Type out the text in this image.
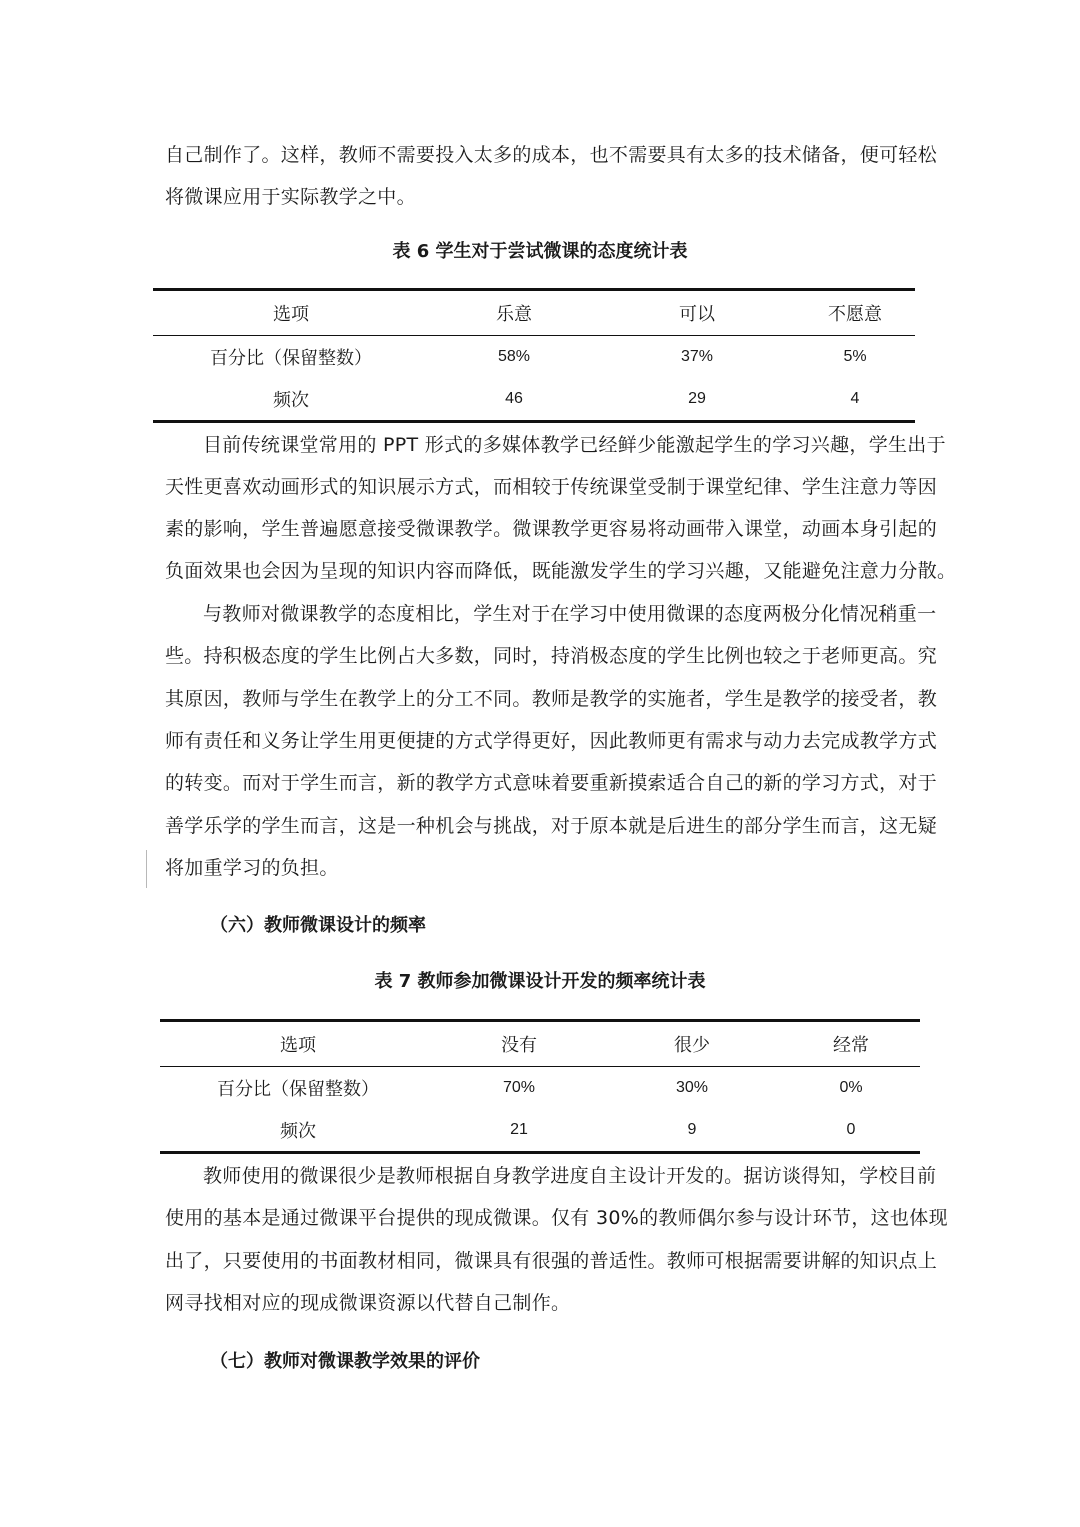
自己制作了。这样，教师不需要投入太多的成本，也不需要具有太多的技术储备，便可轻松
将微课应用于实际教学之中。
表 6 学生对于尝试微课的态度统计表
选项	乐意	可以	不愿意
百分比（保留整数）	58%	37%	5%
频次	46	29	4
目前传统课堂常用的 PPT 形式的多媒体教学已经鲜少能激起学生的学习兴趣，学生出于
天性更喜欢动画形式的知识展示方式，而相较于传统课堂受制于课堂纪律、学生注意力等因
素的影响，学生普遍愿意接受微课教学。微课教学更容易将动画带入课堂，动画本身引起的
负面效果也会因为呈现的知识内容而降低，既能激发学生的学习兴趣，又能避免注意力分散。
与教师对微课教学的态度相比，学生对于在学习中使用微课的态度两极分化情况稍重一
些。持积极态度的学生比例占大多数，同时，持消极态度的学生比例也较之于老师更高。究
其原因，教师与学生在教学上的分工不同。教师是教学的实施者，学生是教学的接受者，教
师有责任和义务让学生用更便捷的方式学得更好，因此教师更有需求与动力去完成教学方式
的转变。而对于学生而言，新的教学方式意味着要重新摸索适合自己的新的学习方式，对于
善学乐学的学生而言，这是一种机会与挑战，对于原本就是后进生的部分学生而言，这无疑
将加重学习的负担。
（六）教师微课设计的频率
表 7 教师参加微课设计开发的频率统计表
选项	没有	很少	经常
百分比（保留整数）	70%	30%	0%
频次	21	9	0
教师使用的微课很少是教师根据自身教学进度自主设计开发的。据访谈得知，学校目前
使用的基本是通过微课平台提供的现成微课。仅有 30%的教师偶尔参与设计环节，这也体现
出了，只要使用的书面教材相同，微课具有很强的普适性。教师可根据需要讲解的知识点上
网寻找相对应的现成微课资源以代替自己制作。
（七）教师对微课教学效果的评价
